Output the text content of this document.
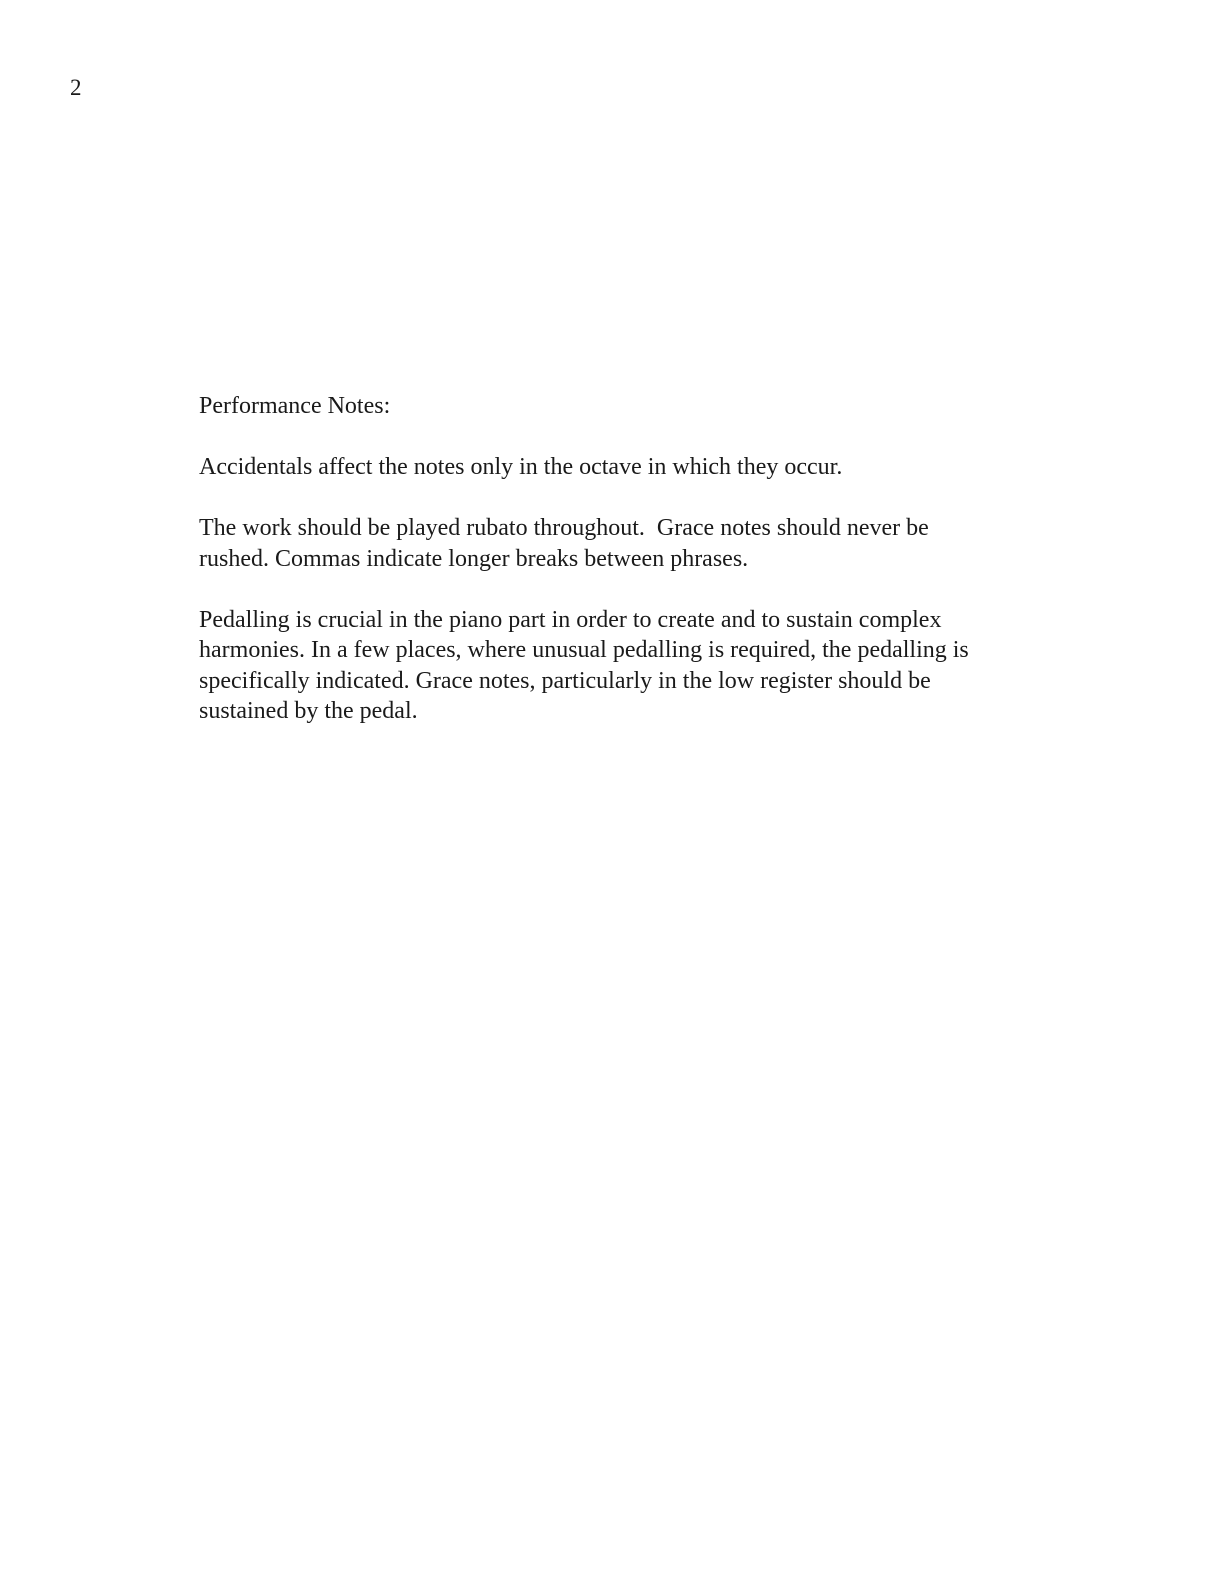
2

Performance Notes:

Accidentals affect the notes only in the octave in which they occur.

The work should be played rubato throughout.  Grace notes should never be
rushed. Commas indicate longer breaks between phrases.

Pedalling is crucial in the piano part in order to create and to sustain complex
harmonies. In a few places, where unusual pedalling is required, the pedalling is
specifically indicated. Grace notes, particularly in the low register should be
sustained by the pedal.
